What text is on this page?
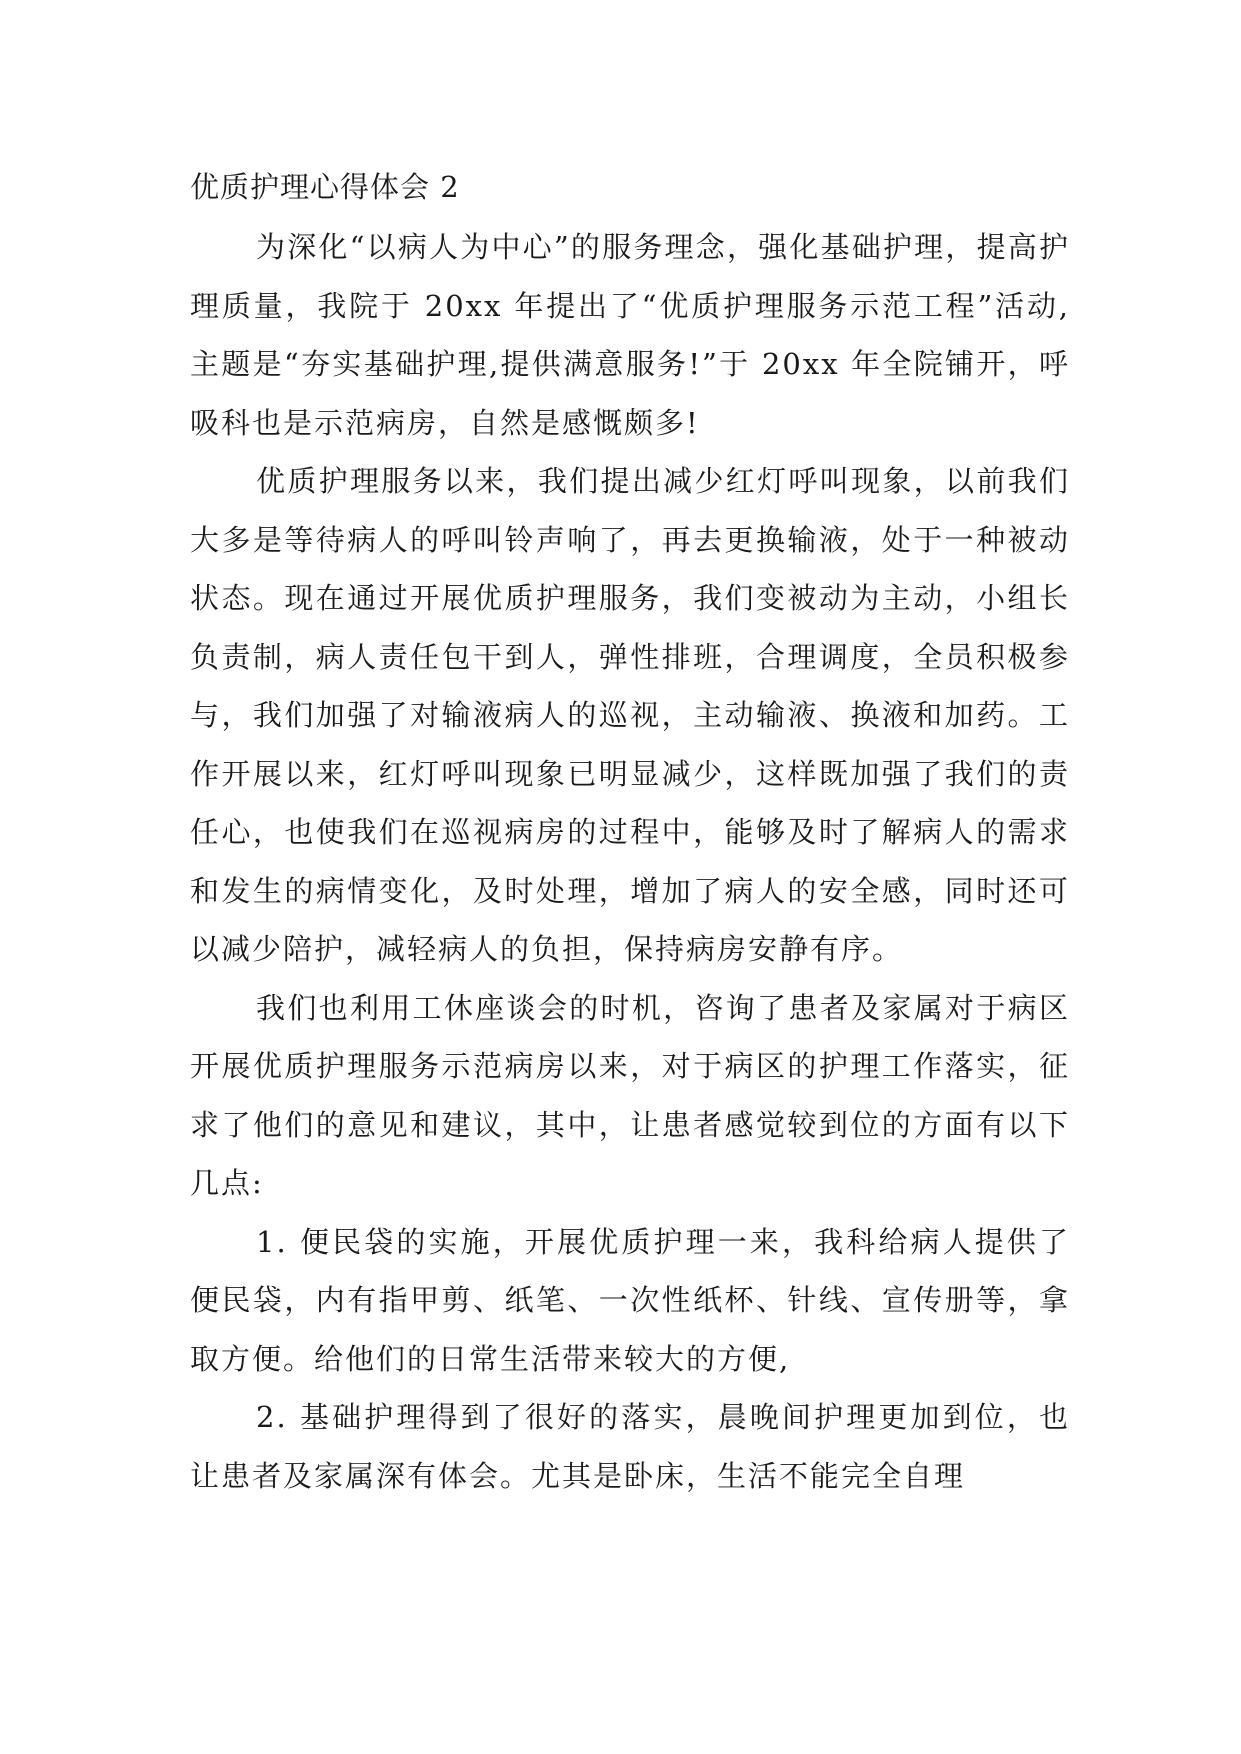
优质护理心得体会 2

为深化“以病人为中心”的服务理念，强化基础护理，提高护理质量，我院于 20xx 年提出了“优质护理服务示范工程”活动,主题是“夯实基础护理,提供满意服务!”于 20xx 年全院铺开，呼吸科也是示范病房，自然是感慨颇多!

优质护理服务以来，我们提出减少红灯呼叫现象，以前我们大多是等待病人的呼叫铃声响了，再去更换输液，处于一种被动状态。现在通过开展优质护理服务，我们变被动为主动，小组长负责制，病人责任包干到人，弹性排班，合理调度，全员积极参与，我们加强了对输液病人的巡视，主动输液、换液和加药。工作开展以来，红灯呼叫现象已明显减少，这样既加强了我们的责任心，也使我们在巡视病房的过程中，能够及时了解病人的需求和发生的病情变化，及时处理，增加了病人的安全感，同时还可以减少陪护，减轻病人的负担，保持病房安静有序。

我们也利用工休座谈会的时机，咨询了患者及家属对于病区开展优质护理服务示范病房以来，对于病区的护理工作落实，征求了他们的意见和建议，其中，让患者感觉较到位的方面有以下几点:

1. 便民袋的实施，开展优质护理一来，我科给病人提供了便民袋，内有指甲剪、纸笔、一次性纸杯、针线、宣传册等，拿取方便。给他们的日常生活带来较大的方便,

2. 基础护理得到了很好的落实，晨晚间护理更加到位，也让患者及家属深有体会。尤其是卧床，生活不能完全自理
